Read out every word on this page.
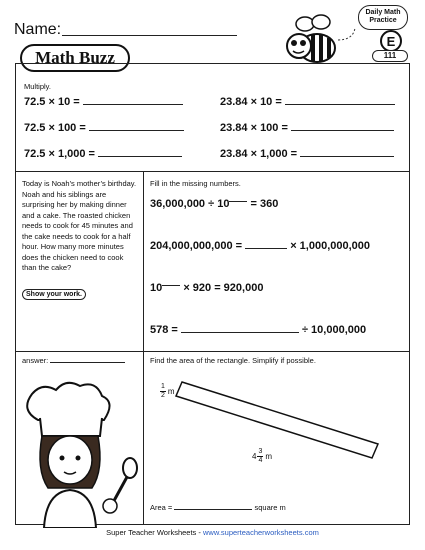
Name:
Math Buzz
Daily Math
Practice
E
111
Multiply.
72.5 × 10 =
72.5 × 100 =
72.5 × 1,000 =
23.84 × 10 =
23.84 × 100 =
23.84 × 1,000 =
Today is Noah’s mother’s birthday. Noah and his siblings are surprising her by making dinner and a cake. The roasted chicken needs to cook for 45 minutes and the cake needs to cook for a half hour. How many more minutes does the chicken need to cook than the cake?
Show your work.
answer:
Fill in the missing numbers.
36,000,000 ÷ 10 = 360
204,000,000,000 =	× 1,000,000,000
10 × 920 = 920,000
578 =	÷ 10,000,000
Find the area of the rectangle. Simplify if possible.
$\frac{1}{2}$ m
$4 \frac{3}{4}$ m
Area =	square m
Super Teacher Worksheets - www.superteacherworksheets.com
